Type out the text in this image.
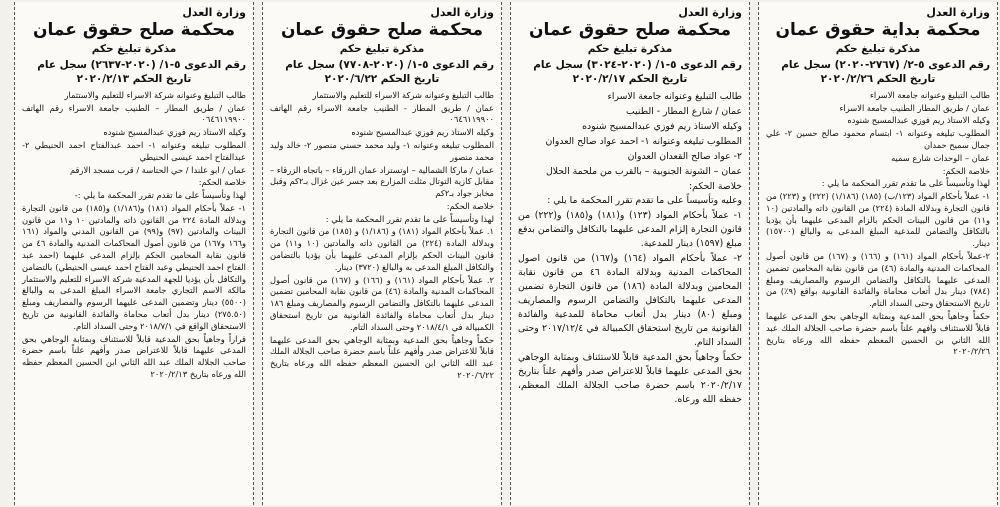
وزارة العدل
محكمة بداية حقوق عمان
مذكرة تبليغ حكم
رقم الدعوى ٥-٢/ (٢٧٦٧-٢٠٢٠) سجل عام
تاريخ الحكم ٢٠٢٠/٢/٢٦

طالب التبليغ وعنوانه جامعة الاسراء

عمان / طريق المطار الطنيب جامعة الاسراء

وكيله الاستاذ ريم فوزي عبدالمسيح شنوده

المطلوب تبليغه وعنوانه ١- ابتسام محمود صالح حسين ٢- علي جمال سميح حمدان

عمان – الوحدات شارع سميه

خلاصة الحكم:

لهذا وتأسيساً على ما تقدم تقرر المحكمة ما يلي :

١- عملاً بأحكام المواد (١٢٣/ب) (١٨٥) (١/١٨٦) (٢٢٢) و (٢٢٣) من قانون التجارة وبدلالة المادة (٢٢٤) من القانون ذاته والمادتين (١٠ و١١) من قانون البينات الحكم بالزام المدعى عليهما بأن يؤديا بالتكافل والتضامن للمدعية المبلغ المدعى به والبالغ (١٥٧٠٠) دينار.

٢-عملاً بأحكام المواد (١٦١) و (١٦٦) و (١٦٧) من قانون أصول المحاكمات المدنية والمادة (٤٦) من قانون نقابة المحامين تضمين المدعى عليهما بالتكافل والتضامن الرسوم والمصاريف ومبلغ (٧٨٤) دينار بدل أتعاب محاماة والفائدة القانونية بواقع (٩٪) من تاريخ الاستحقاق وحتى السداد التام.

حكماً وجاهياً بحق المدعية وبمثابة الوجاهي بحق المدعى عليهما قابلاً للاستئناف وافهم علناً باسم حضرة صاحب الجلالة الملك عبد الله الثاني بن الحسين المعظم حفظه الله ورعاه بتاريخ ٢٠٢٠/٢/٢٦

وزارة العدل
محكمة صلح حقوق عمان
مذكرة تبليغ حكم
رقم الدعوى ٥-١/ (٢٠٢٠-٣٠٢٤) سجل عام
تاريخ الحكم ٢٠٢٠/٢/١٧

طالب التبليغ وعنوانه جامعة الاسراء

عمان / شارع المطار - الطنيب

وكيله الاستاذ ريم فوزي عبدالمسيح شنوده

المطلوب تبليغه وعنوانه ١- احمد عواد صالح العدوان

٢- عواد صالح القعدان العدوان

عمان – الشونة الجنوبية – بالقرب من ملحمة الحلال

خلاصة الحكم:

وعليه وتأسيساً على ما تقدم تقرر المحكمة ما يلي :

١- عملاً بأحكام المواد (١٢٣) و(١٨١) و(١٨٥) و(٢٢٢) من قانون التجارة إلزام المدعى عليهما بالتكافل والتضامن بدفع مبلغ (١٥٩٧) دينار للمدعية.

٢- عملاً بأحكام المواد (١٦٤) و(١٦٧) من قانون اصول المحاكمات المدنية وبدلالة المادة ٤٦ من قانون نقابة المحامين وبدلالة المادة (١٨٦) من قانون التجارة تضمين المدعى عليهما بالتكافل والتضامن الرسوم والمصاريف ومبلغ (٨٠) دينار بدل أتعاب محاماة للمدعية والفائدة القانونية من تاريخ استحقاق الكمبيالة في ٢٠١٧/١٢/٤ وحتى السداد التام.

حكماً وجاهياً بحق المدعية قابلاً للاستئناف وبمثابة الوجاهي بحق المدعى عليهما قابلاً للاعتراض صدر وأفهم علناً بتاريخ ٢٠٢٠/٢/١٧ باسم حضرة صاحب الجلالة الملك المعظم، حفظه الله ورعاه.

وزارة العدل
محكمة صلح حقوق عمان
مذكرة تبليغ حكم
رقم الدعوى ٥-١/ (٢٠٢٠-٧٧٠٨) سجل عام
تاريخ الحكم ٢٠٢٠/٦/٢٢

طالب التبليغ وعنوانه شركة الاسراء للتعليم والاستثمار

عمان / طريق المطار - الطنيب جامعة الاسراء رقم الهاتف ٠٦٤٦١١٩٩٠٠

وكيله الاستاذ ريم فوزي عبدالمسيح شنوده

المطلوب تبليغه وعنوانه ١- وليد محمد حسني منصور ٢- خالد وليد محمد منصور

عمان / ماركا الشمالية – اوتستراد عمان الزرقاء – باتجاه الزرقاء – مقابل كازية التوتال مثلث المزارع بعد جسر عين غزال بـ٢كم وقبل مخابز جواد بـ٢كم

خلاصة الحكم:

لهذا وتأسيساً على ما تقدم تقرر المحكمة ما يلي :

١. عملاً بأحكام المواد (١٨١) و (١/١٨٦) و (١٨٥) من قانون التجارة وبدلالة المادة (٢٢٤) من القانون ذاته والمادتين (١٠ و١١) من قانون البينات الحكم بإلزام المدعى عليهما بأن يؤديا بالتضامن والتكافل المبلغ المدعى به والبالغ (٣٧٢٠) دينار.

٢. عملاً بأحكام المواد (١٦١) و (١٦٦) و (١٦٧) من قانون أصول المحاكمات المدنية والمادة (٤٦) من قانون نقابة المحامين تضمين المدعى عليهما بالتكافل والتضامن الرسوم والمصاريف ومبلغ ١٨٦ دينار بدل أتعاب محاماة والفائدة القانونية من تاريخ استحقاق الكمبيالة في ٢٠١٨/٤/١ وحتى السداد التام.

حكماً وجاهياً بحق المدعية وبمثابة الوجاهي بحق المدعى عليهما قابلاً للاعتراض صدر وأفهم علناً باسم حضرة صاحب الجلالة الملك عبد الله الثاني ابن الحسين المعظم حفظه الله ورعاه بتاريخ ٢٠٢٠/٦/٢٢

وزارة العدل
محكمة صلح حقوق عمان
مذكرة تبليغ حكم
رقم الدعوى ٥-١/ (٢٠٢٠-٢٦٣٧) سجل عام
تاريخ الحكم ٢٠٢٠/٢/١٣

طالب التبليغ وعنوانه شركة الاسراء للتعليم والاستثمار

عمان / طريق المطار – الطنيب جامعة الاسراء رقم الهاتف ٠٦٤٦١١٩٩٠٠

وكيله الاستاذ ريم فوزي عبدالمسيح شنوده

المطلوب تبليغه وعنوانه ١- احمد عبدالفتاح احمد الحنيطي ٢- عبدالفتاح احمد عيسى الحنيطي

عمان / ابو علندا / حي الحتاسة / قرب مسجد الارقم

خلاصة الحكم:

لهذا وتأسيساً على ما تقدم تقرر المحكمة ما يلي :-

١- عملاً بأحكام المواد (١٨١) و(١/١٨٦) و(١٨٥) من قانون التجارة وبدلالة المادة ٢٢٤ من القانون ذاته والمادتين ١٠ و١١ من قانون البينات والمادتين (٩٧) و(٩٩) من القانون المدني والمواد (١٦١ و١٦٦ و١٦٧) من قانون أصول المحاكمات المدنية والمادة ٤٦ من قانون نقابة المحامين الحكم بإلزام المدعى عليهما (احمد عبد الفتاح احمد الحنيطي وعبد الفتاح احمد عيسى الحنيطي) بالتضامن والتكافل بأن يؤديا للجهة المدعية شركة الاسراء للتعليم والاستثمار مالكة الاسم التجاري جامعة الاسراء المبلغ المدعى به والبالغ (٥٥٠٠) دينار وتضمين المدعى عليهما الرسوم والمصاريف ومبلغ (٢٧٥.٥٠) دينار بدل أتعاب محاماة والفائدة القانونية من تاريخ الاستحقاق الواقع في ٢٠١٨/٧/١ وحتى السداد التام.

قراراً وجاهياً بحق المدعية قابلاً للاستئناف وبمثابة الوجاهي بحق المدعى عليهما قابلاً للاعتراض صدر وأفهم علناً باسم حضرة صاحب الجلالة الملك عبد الله الثاني ابن الحسين المعظم حفظه الله ورعاه بتاريخ ٢٠٢٠/٢/١٣
